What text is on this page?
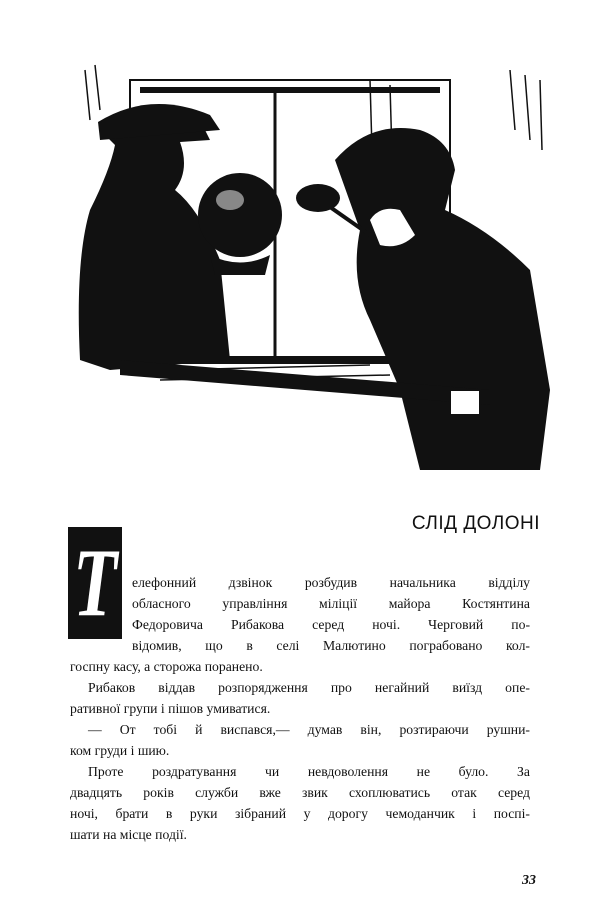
СЛІД ДОЛОНІ
Т елефонний дзвінок розбудив начальника відділу
обласного управління міліції майора Костянтина
Федоровича Рибакова серед ночі. Черговий по-
відомив, що в селі Малютино пограбовано кол-
госпну касу, а сторожа поранено.
Рибаков віддав розпорядження про негайний виїзд опе-
ративної групи і пішов умиватися.
— От тобі й виспався,— думав він, розтираючи рушни-
ком груди і шию.
Проте роздратування чи невдоволення не було. За
двадцять років служби вже звик схоплюватись отак серед
ночі, брати в руки зібраний у дорогу чемоданчик і поспі-
шати на місце події.
33
